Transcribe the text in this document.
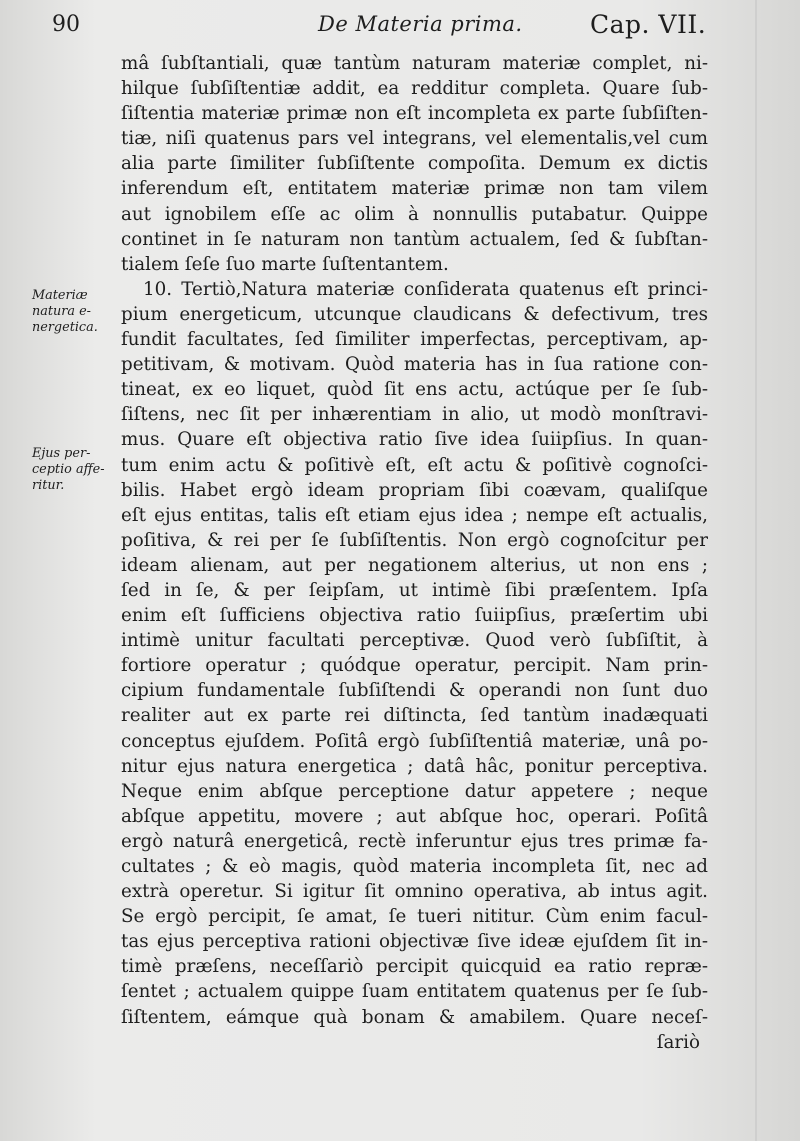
90	De Materia prima.	Cap. VII.
Materiæ
natura e-
nergetica.
Ejus per-
ceptio affe-
ritur.
mâ ſubſtantiali, quæ tantùm naturam materiæ complet, ni-
hilque ſubſiſtentiæ addit, ea redditur completa. Quare ſub-
ſiſtentia materiæ primæ non eſt incompleta ex parte ſubſiſten-
tiæ, niſi quatenus pars vel integrans, vel elementalis,vel cum
alia parte ſimiliter ſubſiſtente compoſita. Demum ex dictis
inferendum eſt, entitatem materiæ primæ non tam vilem
aut ignobilem eſſe ac olim à nonnullis putabatur. Quippe
continet in ſe naturam non tantùm actualem, ſed & ſubſtan-
tialem ſeſe ſuo marte ſuſtentantem.
10. Tertiò,Natura materiæ conſiderata quatenus eſt princi-
pium energeticum, utcunque claudicans & defectivum, tres
fundit facultates, ſed ſimiliter imperfectas, perceptivam, ap-
petitivam, & motivam. Quòd materia has in ſua ratione con-
tineat, ex eo liquet, quòd ſit ens actu, actúque per ſe ſub-
ſiſtens, nec ſit per inhærentiam in alio, ut modò monſtravi-
mus. Quare eſt objectiva ratio ſive idea ſuiipſius. In quan-
tum enim actu & poſitivè eſt, eſt actu & poſitivè cognoſci-
bilis. Habet ergò ideam propriam ſibi coævam, qualiſque
eſt ejus entitas, talis eſt etiam ejus idea ; nempe eſt actualis,
poſitiva, & rei per ſe ſubſiſtentis. Non ergò cognoſcitur per
ideam alienam, aut per negationem alterius, ut non ens ;
ſed in ſe, & per ſeipſam, ut intimè ſibi præſentem. Ipſa
enim eſt ſufficiens objectiva ratio ſuiipſius, præſertim ubi
intimè unitur facultati perceptivæ. Quod verò ſubſiſtit, à
fortiore operatur ; quódque operatur, percipit. Nam prin-
cipium fundamentale ſubſiſtendi & operandi non ſunt duo
realiter aut ex parte rei diſtincta, ſed tantùm inadæquati
conceptus ejuſdem. Poſitâ ergò ſubſiſtentiâ materiæ, unâ po-
nitur ejus natura energetica ; datâ hâc, ponitur perceptiva.
Neque enim abſque perceptione datur appetere ; neque
abſque appetitu, movere ; aut abſque hoc, operari. Poſitâ
ergò naturâ energeticâ, rectè inferuntur ejus tres primæ fa-
cultates ; & eò magis, quòd materia incompleta ſit, nec ad
extrà operetur. Si igitur ſit omnino operativa, ab intus agit.
Se ergò percipit, ſe amat, ſe tueri nititur. Cùm enim facul-
tas ejus perceptiva rationi objectivæ ſive ideæ ejuſdem ſit in-
timè præſens, neceſſariò percipit quicquid ea ratio repræ-
ſentet ; actualem quippe ſuam entitatem quatenus per ſe ſub-
ſiſtentem, eámque quà bonam & amabilem. Quare neceſ-
ſariò
